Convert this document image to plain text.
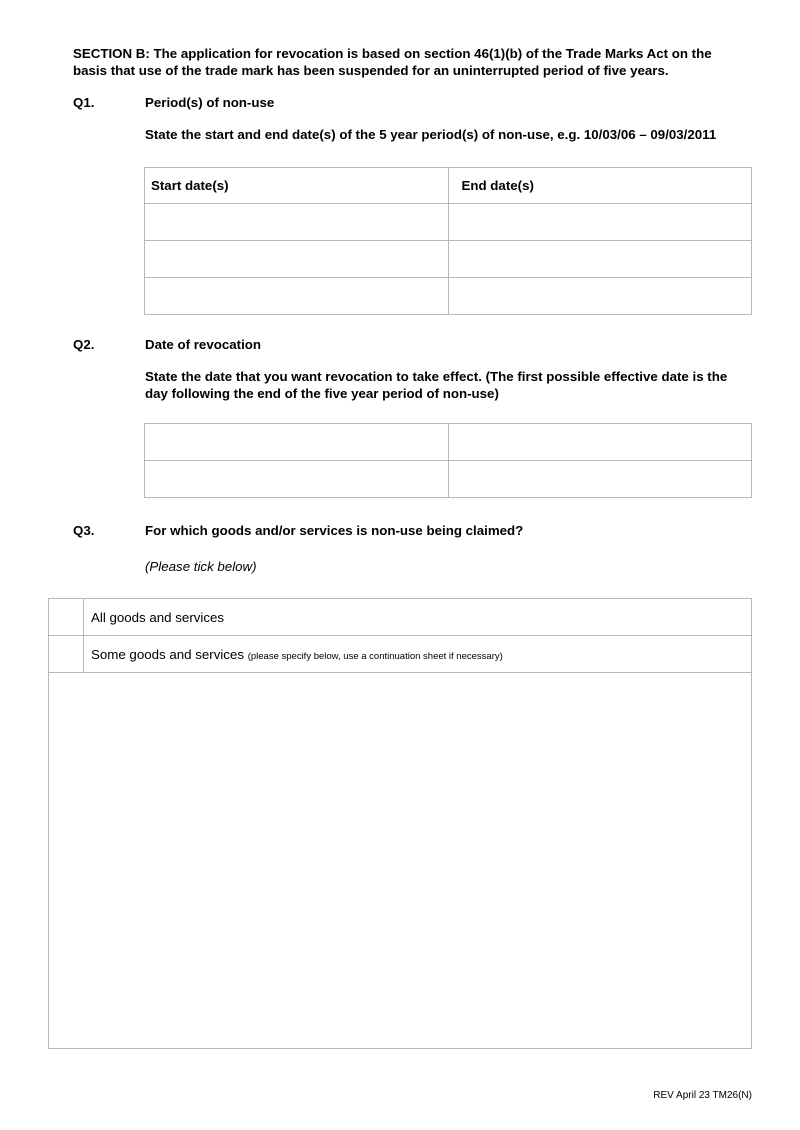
SECTION B: The application for revocation is based on section 46(1)(b) of the Trade Marks Act on the basis that use of the trade mark has been suspended for an uninterrupted period of five years.
Q1.	Period(s) of non-use
State the start and end date(s) of the 5 year period(s) of non-use, e.g. 10/03/06 – 09/03/2011
Start date(s)	End date(s)

Q2.	Date of revocation
State the date that you want revocation to take effect. (The first possible effective date is the day following the end of the five year period of non-use)

Q3.	For which goods and/or services is non-use being claimed?
(Please tick below)
	All goods and services
	Some goods and services (please specify below, use a continuation sheet if necessary)

REV April 23 TM26(N)
